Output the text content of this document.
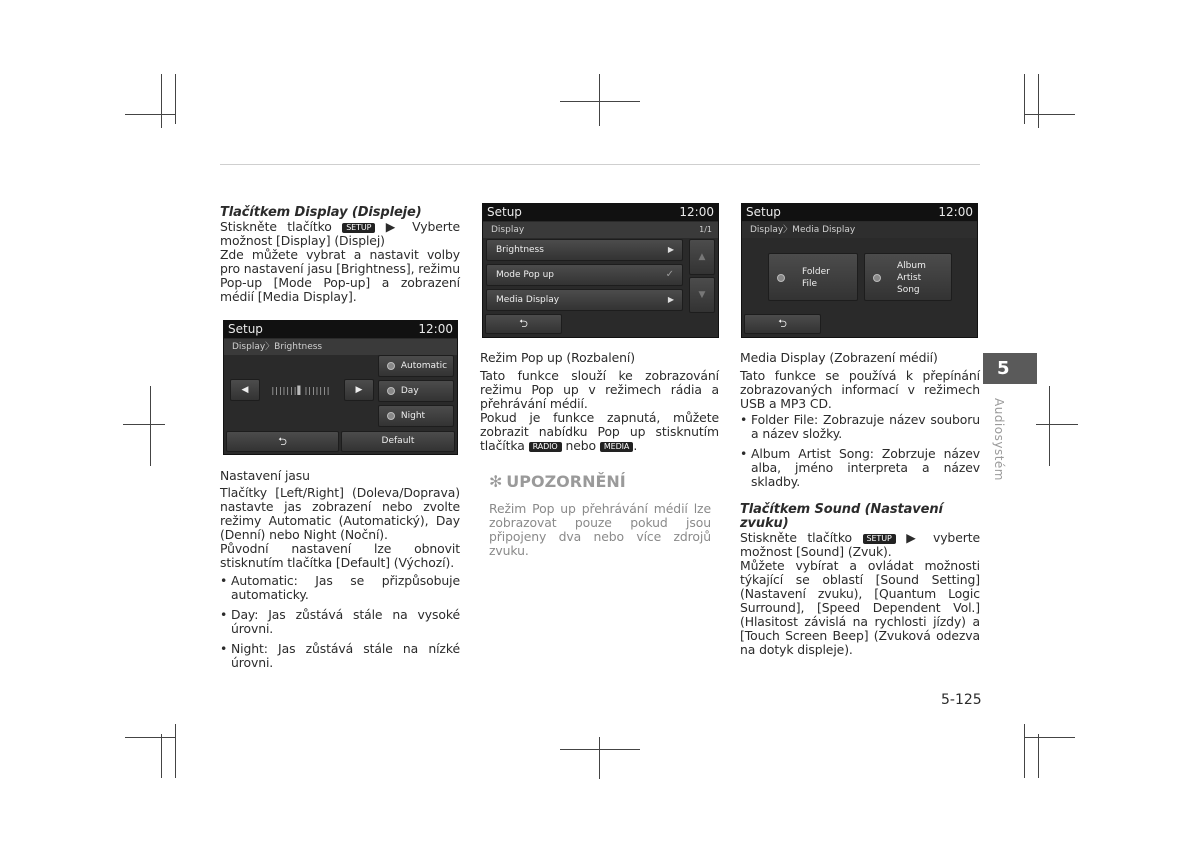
Tlačítkem Display (Displeje)

Stiskněte tlačítko SETUP ▶ Vyberte možnost [Display] (Displej)

Zde můžete vybrat a nastavit volby pro nastavení jasu [Brightness], režimu Pop-up [Mode Pop-up] a zobrazení médií [Media Display].

Setup	12:00
Display〉Brightness
◀	|||||||▌|||||||	▶
Automatic
Day
Night
⮌	Default

Nastavení jasu

Tlačítky [Left/Right] (Doleva/Doprava) nastavte jas zobrazení nebo zvolte režimy Automatic (Automatický), Day (Denní) nebo Night (Noční).

Původní nastavení lze obnovit stisknutím tlačítka [Default] (Výchozí).

• Automatic: Jas se přizpůsobuje automaticky.
• Day: Jas zůstává stále na vysoké úrovni.
• Night: Jas zůstává stále na nízké úrovni.
Setup	12:00
Display	1/1
Brightness	▶
Mode Pop up	✓
Media Display	▶
▲
▼
⮌

Režim Pop up (Rozbalení)

Tato funkce slouží ke zobrazování režimu Pop up v režimech rádia a přehrávání médií.

Pokud je funkce zapnutá, můžete zobrazit nabídku Pop up stisknutím tlačítka RADIO nebo MEDIA .

✻ UPOZORNĚNÍ

Režim Pop up přehrávání médií lze zobrazovat pouze pokud jsou připojeny dva nebo více zdrojů zvuku.

Setup	12:00
Display〉Media Display
Folder
File
Album
Artist
Song
⮌

Media Display (Zobrazení médií)

Tato funkce se používá k přepínání zobrazovaných informací v režimech USB a MP3 CD.

• Folder File: Zobrazuje název souboru a název složky.
• Album Artist Song: Zobrzuje název alba, jméno interpreta a název skladby.

Tlačítkem Sound (Nastavení zvuku)

Stiskněte tlačítko SETUP ▶ vyberte možnost [Sound] (Zvuk).

Můžete vybírat a ovládat možnosti týkající se oblastí [Sound Setting] (Nastavení zvuku), [Quantum Logic Surround], [Speed Dependent Vol.] (Hlasitost závislá na rychlosti jízdy) a [Touch Screen Beep] (Zvuková odezva na dotyk displeje).

5
Audiosystém
5-125
